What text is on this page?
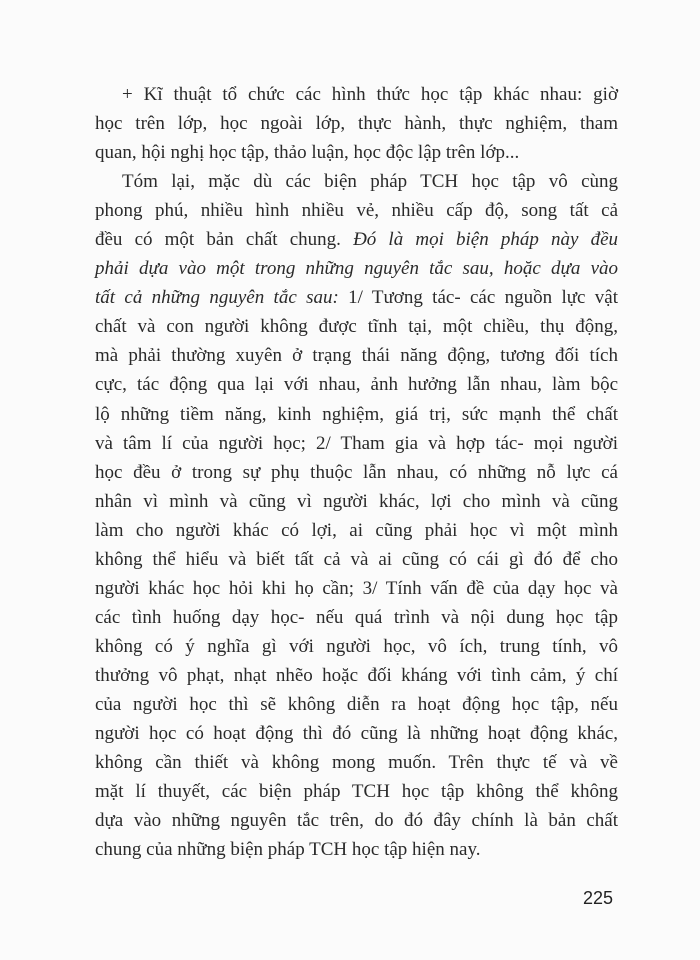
+ Kĩ thuật tổ chức các hình thức học tập khác nhau: giờ
học trên lớp, học ngoài lớp, thực hành, thực nghiệm, tham
quan, hội nghị học tập, thảo luận, học độc lập trên lớp...
Tóm lại, mặc dù các biện pháp TCH học tập vô cùng
phong phú, nhiều hình nhiều vẻ, nhiều cấp độ, song tất cả
đều có một bản chất chung. Đó là mọi biện pháp này đều
phải dựa vào một trong những nguyên tắc sau, hoặc dựa vào
tất cả những nguyên tắc sau: 1/ Tương tác- các nguồn lực vật
chất và con người không được tĩnh tại, một chiều, thụ động,
mà phải thường xuyên ở trạng thái năng động, tương đối tích
cực, tác động qua lại với nhau, ảnh hưởng lẫn nhau, làm bộc
lộ những tiềm năng, kinh nghiệm, giá trị, sức mạnh thể chất
và tâm lí của người học; 2/ Tham gia và hợp tác- mọi người
học đều ở trong sự phụ thuộc lẫn nhau, có những nỗ lực cá
nhân vì mình và cũng vì người khác, lợi cho mình và cũng
làm cho người khác có lợi, ai cũng phải học vì một mình
không thể hiểu và biết tất cả và ai cũng có cái gì đó để cho
người khác học hỏi khi họ cần; 3/ Tính vấn đề của dạy học và
các tình huống dạy học- nếu quá trình và nội dung học tập
không có ý nghĩa gì với người học, vô ích, trung tính, vô
thưởng vô phạt, nhạt nhẽo hoặc đối kháng với tình cảm, ý chí
của người học thì sẽ không diễn ra hoạt động học tập, nếu
người học có hoạt động thì đó cũng là những hoạt động khác,
không cần thiết và không mong muốn. Trên thực tế và về
mặt lí thuyết, các biện pháp TCH học tập không thể không
dựa vào những nguyên tắc trên, do đó đây chính là bản chất
chung của những biện pháp TCH học tập hiện nay.
225
